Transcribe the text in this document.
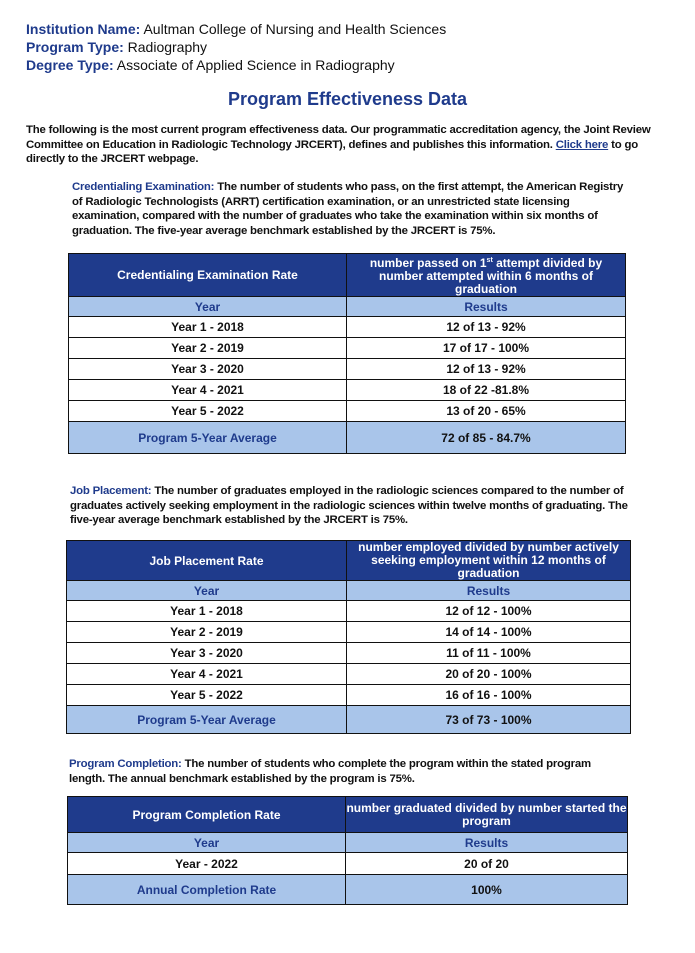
Institution Name: Aultman College of Nursing and Health Sciences
Program Type: Radiography
Degree Type: Associate of Applied Science in Radiography
Program Effectiveness Data
The following is the most current program effectiveness data. Our programmatic accreditation agency, the Joint Review Committee on Education in Radiologic Technology JRCERT), defines and publishes this information. Click here to go directly to the JRCERT webpage.
Credentialing Examination: The number of students who pass, on the first attempt, the American Registry of Radiologic Technologists (ARRT) certification examination, or an unrestricted state licensing examination, compared with the number of graduates who take the examination within six months of graduation. The five-year average benchmark established by the JRCERT is 75%.
Credentialing Examination Rate	number passed on 1st attempt divided by number attempted within 6 months of graduation
Year	Results
Year 1 - 2018	12 of 13 - 92%
Year 2 - 2019	17 of 17 - 100%
Year 3 - 2020	12 of 13 - 92%
Year 4 - 2021	18 of 22 -81.8%
Year 5 - 2022	13 of 20 - 65%
Program 5-Year Average	72 of 85 - 84.7%
Job Placement: The number of graduates employed in the radiologic sciences compared to the number of graduates actively seeking employment in the radiologic sciences within twelve months of graduating. The five-year average benchmark established by the JRCERT is 75%.
Job Placement Rate	number employed divided by number actively seeking employment within 12 months of graduation
Year	Results
Year 1 - 2018	12 of 12 - 100%
Year 2 - 2019	14 of 14 - 100%
Year 3 - 2020	11 of 11 - 100%
Year 4 - 2021	20 of 20 - 100%
Year 5 - 2022	16 of 16 - 100%
Program 5-Year Average	73 of 73 - 100%
Program Completion: The number of students who complete the program within the stated program length. The annual benchmark established by the program is 75%.
Program Completion Rate	number graduated divided by number started the program
Year	Results
Year - 2022	20 of 20
Annual Completion Rate	100%
